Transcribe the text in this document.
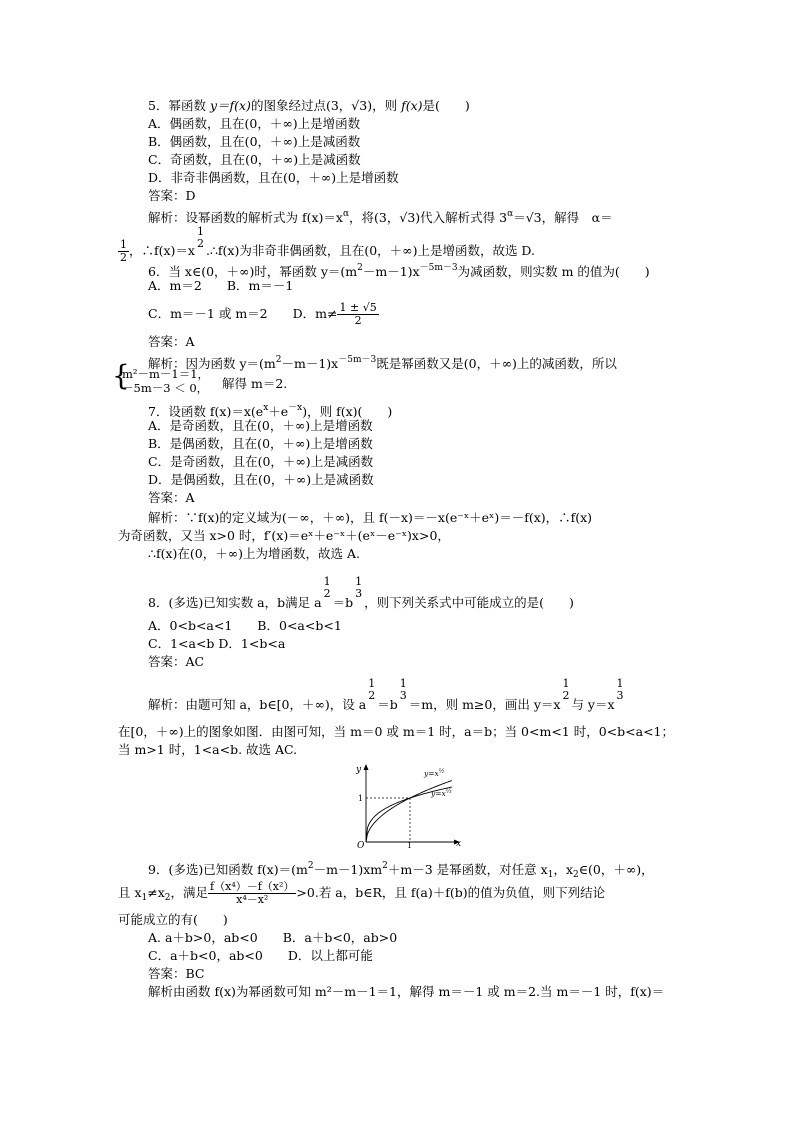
5．幂函数 y＝f(x)的图象经过点(3，√3)，则 f(x)是(　　)
A．偶函数，且在(0，＋∞)上是增函数
B．偶函数，且在(0，＋∞)上是减函数
C．奇函数，且在(0，＋∞)上是减函数
D．非奇非偶函数，且在(0，＋∞)上是增函数
答案：D
解析：设幂函数的解析式为 $f(x)=x^\alpha$，将(3，√3)代入解析式得 $3^\alpha=√3$，解得　α＝
$\frac{1}{2}$ ，∴f(x)＝x
1
2 .∴f(x)为非奇非偶函数，且在(0，＋∞)上是增函数，故选 D.
6．当 x∈(0，＋∞)时，幂函数 $y=(m^2-m-1)x^{-5m-3}$为减函数，则实数 m 的值为(　　)
A．m＝2　　B．m＝－1
C．m＝－1 或 m＝2　　D．$m\ne \frac{1 \pm √5}{2}$
答案：A
解析：因为函数 $y=(m^2-m-1)x^{-5m-3}$既是幂函数又是(0，＋∞)上的减函数，所以
{
m²－m－1＝1，
－5m－3 ＜ 0， 解得 m＝2.
7．设函数 $f(x)=x(e^x+e^{-x})$，则 f(x)(　　)
A．是奇函数，且在(0，＋∞)上是增函数
B．是偶函数，且在(0，＋∞)上是增函数
C．是奇函数，且在(0，＋∞)上是减函数
D．是偶函数，且在(0，＋∞)上是减函数
答案：A
解析：∵f(x)的定义域为(－∞，＋∞)，且 f(－x)＝－x(e⁻ˣ＋eˣ)＝－f(x)，∴f(x)
为奇函数，又当 x>0 时，f′(x)＝eˣ＋e⁻ˣ＋(eˣ－e⁻ˣ)x>0，
∴f(x)在(0，＋∞)上为增函数，故选 A.
8．(多选)已知实数 a，b满足 a
1
2
＝b
1
3
，则下列关系式中可能成立的是(　　)
A．0<b<a<1　　B．0<a<b<1
C．1<a<b D．1<b<a
答案：AC
解析：由题可知 a，b∈[0，＋∞)，设 a
1
2
＝b
1
3
＝m，则 m≥0，画出 y＝x
1
2
与 y＝x
1
3
在[0，＋∞)上的图象如图．由图可知，当 m＝0 或 m＝1 时，a＝b；当 0<m<1 时，0<b<a<1；
当 m>1 时，1<a<b. 故选 AC.
y
x
O	1
1
$y=x^{\frac{1}{2}}$
$y=x^{\frac{1}{3}}$
9．(多选)已知函数 $f(x)=(m^2-m-1)xm^2+m-3$ 是幂函数，对任意 $x_1$，$x_2\in(0$，＋∞)，
且 $x_1\ne x_2$，满足 $\frac{\text{f（x⁴）－f（x²）}}{\text{x⁴－x²}} >0$.若 a，b∈R，且 f(a)＋f(b)的值为负值，则下列结论
可能成立的有(　　)
A. a＋b>0，ab<0　　B．a＋b<0，ab>0
C．a＋b<0，ab<0　　D．以上都可能
答案：BC
解析由函数 f(x)为幂函数可知 m²－m－1＝1，解得 m＝－1 或 m＝2.当 m＝－1 时，f(x)＝
